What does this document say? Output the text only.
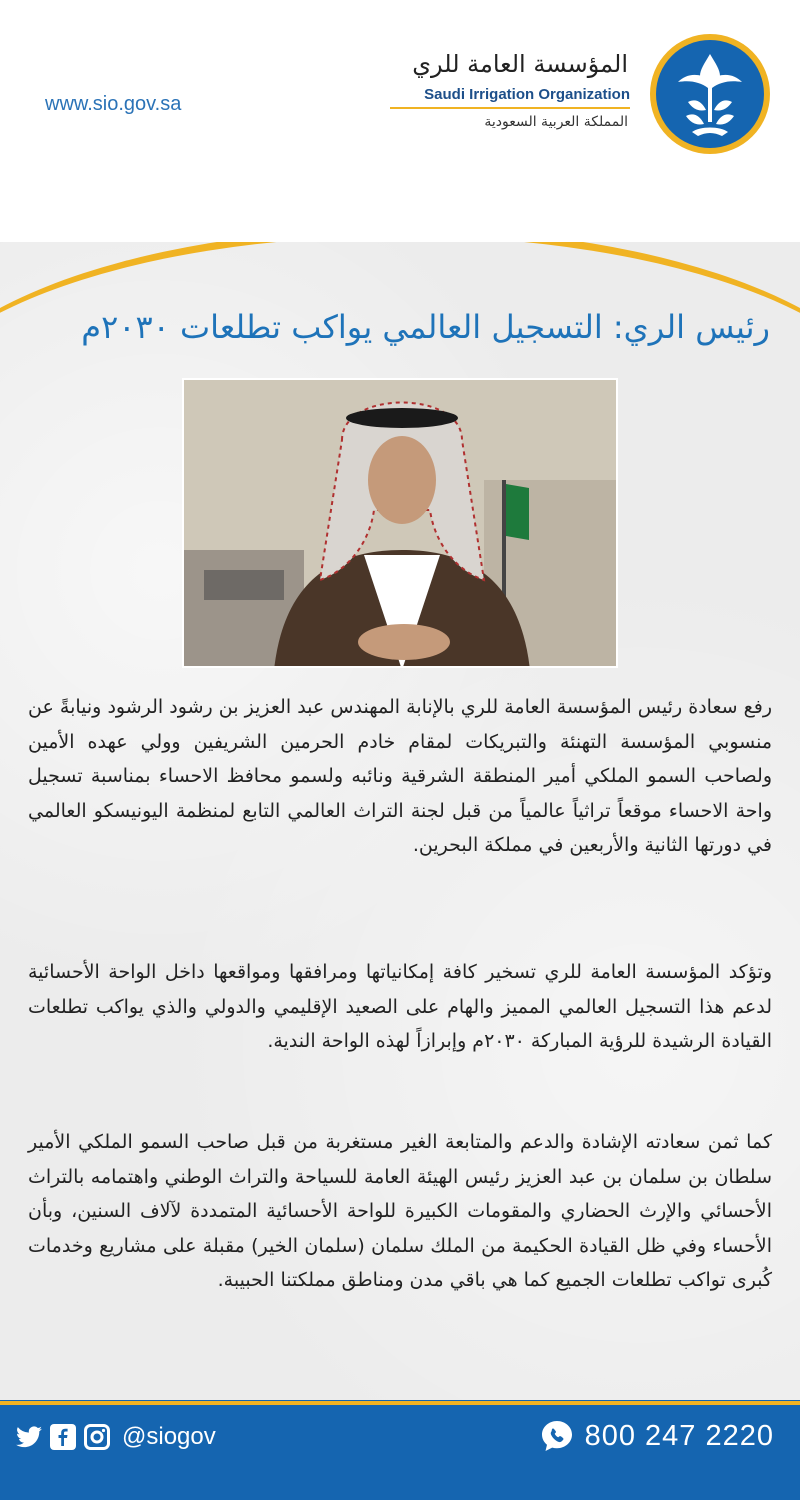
www.sio.gov.sa
المؤسسة العامة للري
Saudi Irrigation Organization
المملكة العربية السعودية
رئيس الري: التسجيل العالمي يواكب تطلعات ٢٠٣٠م

رفع سعادة رئيس المؤسسة العامة للري بالإنابة المهندس عبد العزيز بن رشود الرشود ونيابةً عن منسوبي المؤسسة التهنئة والتبريكات لمقام خادم الحرمين الشريفين وولي عهده الأمين ولصاحب السمو الملكي أمير المنطقة الشرقية ونائبه ولسمو محافظ الاحساء بمناسبة تسجيل واحة الاحساء موقعاً تراثياً عالمياً من قبل لجنة التراث العالمي التابع لمنظمة اليونيسكو العالمي في دورتها الثانية والأربعين في مملكة البحرين.

وتؤكد المؤسسة العامة للري تسخير كافة إمكانياتها ومرافقها ومواقعها داخل الواحة الأحسائية لدعم هذا التسجيل العالمي المميز والهام على الصعيد الإقليمي والدولي والذي يواكب تطلعات القيادة الرشيدة للرؤية المباركة ٢٠٣٠م وإبرازاً لهذه الواحة الندية.

كما ثمن سعادته الإشادة والدعم والمتابعة الغير مستغربة من قبل صاحب السمو الملكي الأمير سلطان بن سلمان بن عبد العزيز رئيس الهيئة العامة للسياحة والتراث الوطني واهتمامه بالتراث الأحسائي والإرث الحضاري والمقومات الكبيرة للواحة الأحسائية المتمددة لآلاف السنين، وبأن الأحساء وفي ظل القيادة الحكيمة من الملك سلمان (سلمان الخير) مقبلة على مشاريع وخدمات كُبرى تواكب تطلعات الجميع كما هي باقي مدن ومناطق مملكتنا الحبيبة.

@siogov	800 247 2220
